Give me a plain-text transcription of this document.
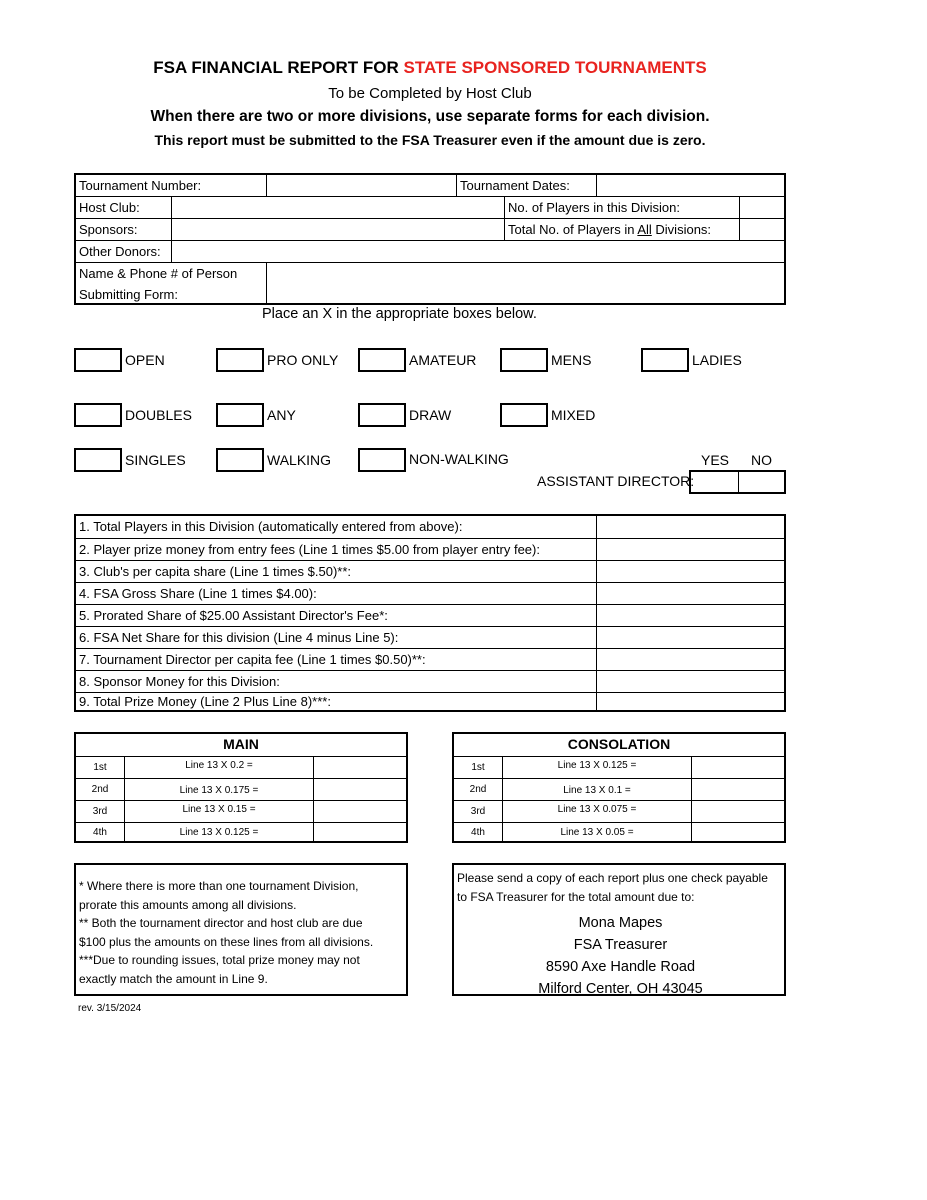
FSA FINANCIAL REPORT FOR STATE SPONSORED TOURNAMENTS
To be Completed by Host Club
When there are two or more divisions, use separate forms for each division.
This report must be submitted to the FSA Treasurer even if the amount due is zero.
Tournament Number:	Tournament Dates:
Host Club:	No. of Players in this Division:
Sponsors:	Total No. of Players in All Divisions:
Other Donors:
Name & Phone # of Person
Submitting Form:
Place an X in the appropriate boxes below.
OPEN	PRO ONLY	AMATEUR	MENS	LADIES
DOUBLES	ANY	DRAW	MIXED
SINGLES	WALKING	NON-WALKING	YES NO
ASSISTANT DIRECTOR:
1. Total Players in this Division (automatically entered from above):
2. Player prize money from entry fees (Line 1 times $5.00 from player entry fee):
3. Club's per capita share (Line 1 times $.50)**:
4. FSA Gross Share (Line 1 times $4.00):
5. Prorated Share of $25.00 Assistant Director's Fee*:
6. FSA Net Share for this division (Line 4 minus Line 5):
7. Tournament Director per capita fee (Line 1 times $0.50)**:
8. Sponsor Money for this Division:
9. Total Prize Money (Line 2 Plus Line 8)***:
MAIN
1st	Line 13 X 0.2 =
2nd	Line 13 X 0.175 =
3rd	Line 13 X 0.15 =
4th	Line 13 X 0.125 =
CONSOLATION
1st	Line 13 X 0.125 =
2nd	Line 13 X 0.1 =
3rd	Line 13 X 0.075 =
4th	Line 13 X 0.05 =
* Where there is more than one tournament Division,
prorate this amounts among all divisions.
** Both the tournament director and host club are due
$100 plus the amounts on these lines from all divisions.
***Due to rounding issues, total prize money may not
exactly match the amount in Line 9.
Please send a copy of each report plus one check payable
to FSA Treasurer for the total amount due to:
Mona Mapes
FSA Treasurer
8590 Axe Handle Road
Milford Center, OH 43045
rev. 3/15/2024
